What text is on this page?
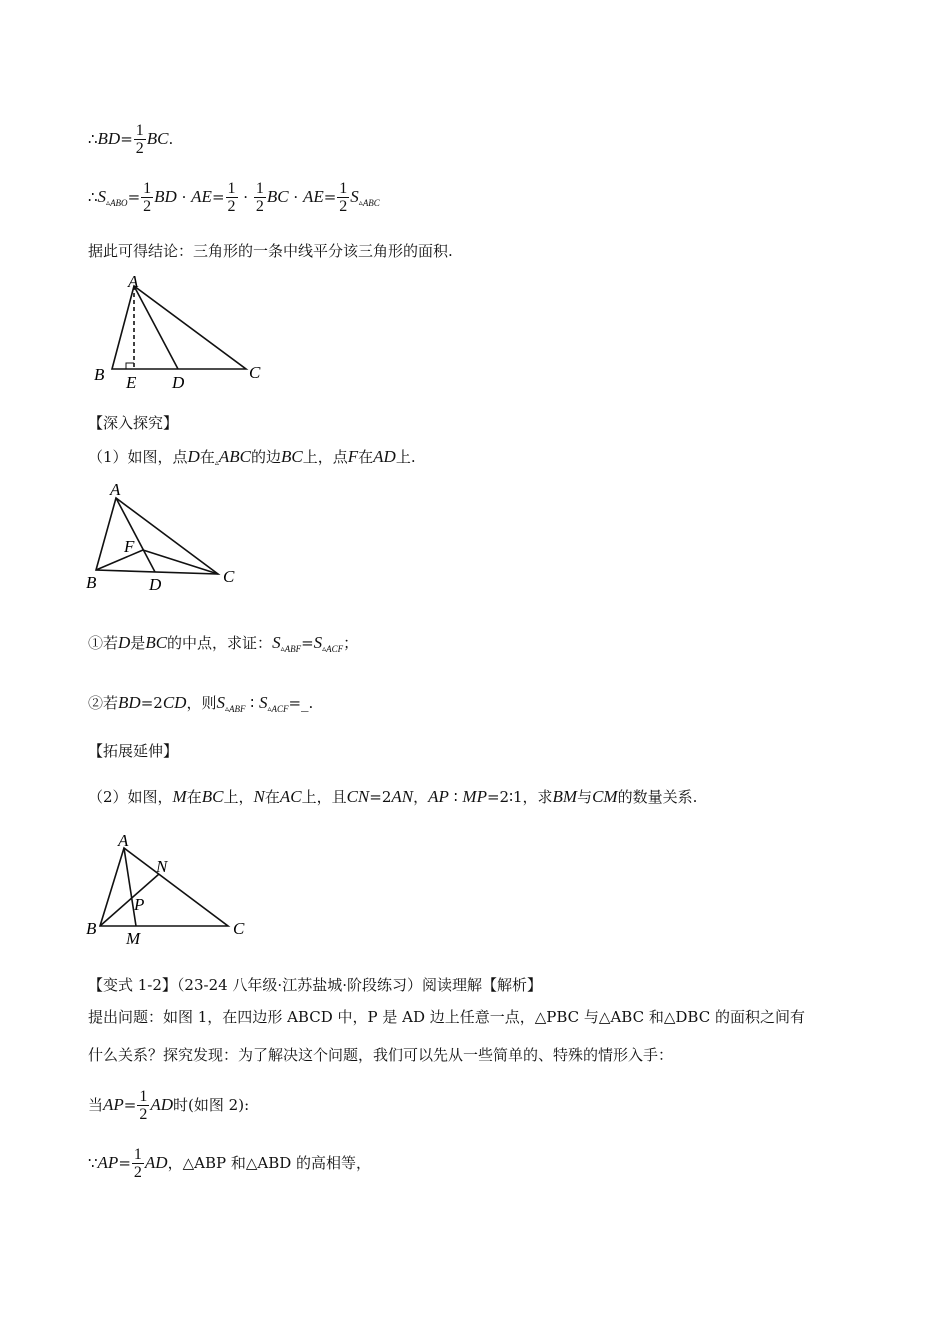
∴BD= $\frac{1}{2}$ BC.
$\therefore S_{▵ABO}= \frac{1}{2}$ BD · $AE= \frac{1}{2} \cdot \frac{1}{2}$ BC · $AE= \frac{1}{2} S_{▵ABC}$
据此可得结论：三角形的一条中线平分该三角形的面积.
A
B E D
C
【深入探究】
（1）如图，点D在$_▵$ABC的边BC上，点F在AD上.
A
F
B	D	C
①若D是BC的中点，求证：$S_{▵ABF}=S_{▵ACF}$；
②若BD=2CD，则$S_{▵ABF}$ ∶ $S_{▵ACF}=\_$.
【拓展延伸】
（2）如图，M在BC上，N在AC上，且CN=2AN，AP ∶ MP=2∶1，求BM与CM的数量关系.
A
N
P
B
M
C
【变式 1-2】（23-24 八年级·江苏盐城·阶段练习）阅读理解【解析】
提出问题：如图 1，在四边形 ABCD 中，P 是 AD 边上任意一点，△PBC 与△ABC 和△DBC 的面积之间有
什么关系？探究发现：为了解决这个问题，我们可以先从一些简单的、特殊的情形入手：
当$AP= \frac{1}{2}$ AD时(如图 2):
∵AP= $\frac{1}{2}$ AD，△ABP 和△ABD 的高相等，
